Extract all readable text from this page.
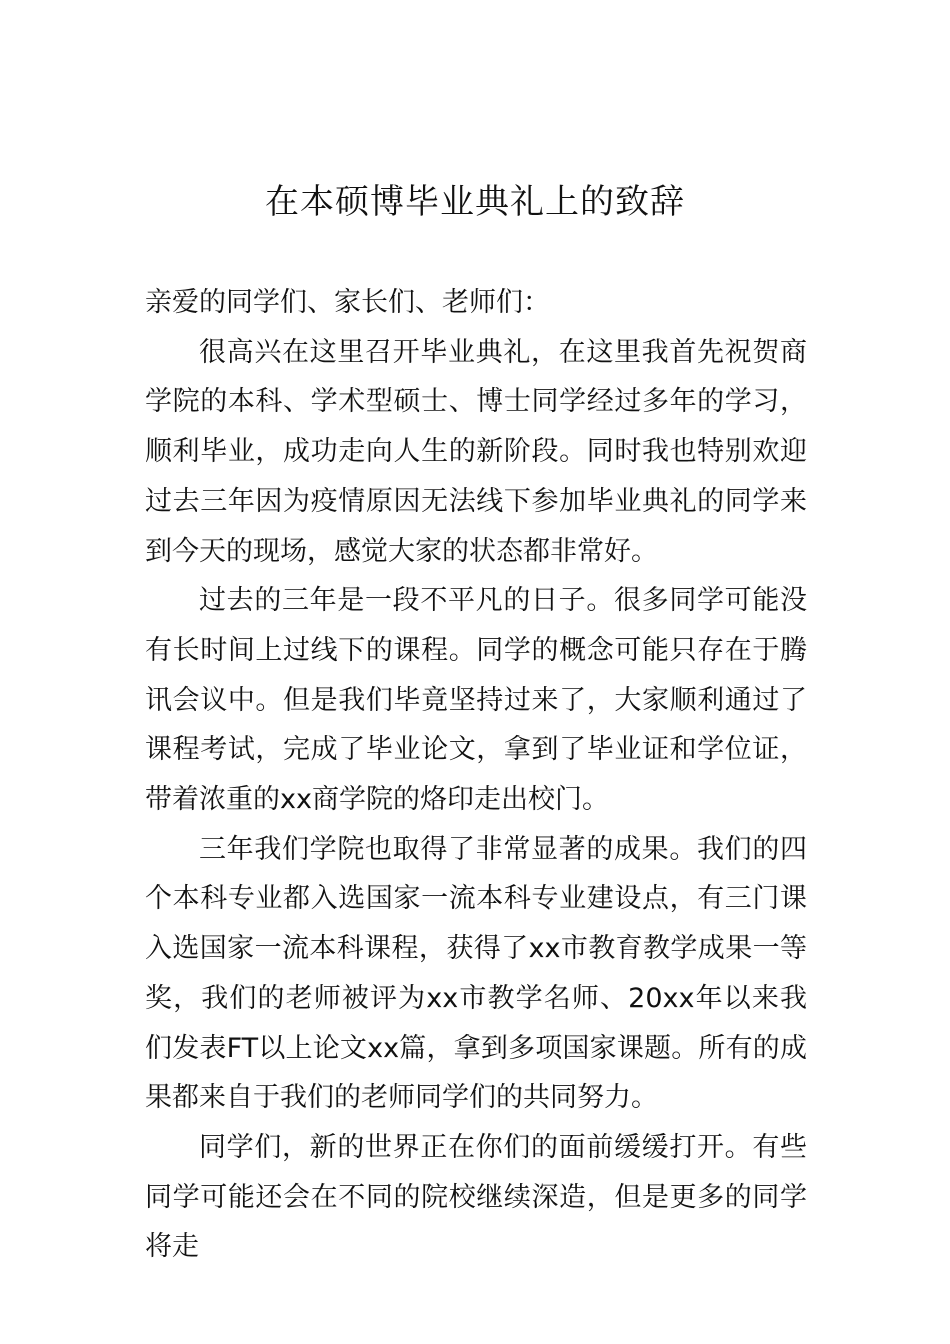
在本硕博毕业典礼上的致辞

亲爱的同学们、家长们、老师们：

很高兴在这里召开毕业典礼，在这里我首先祝贺商学院的本科、学术型硕士、博士同学经过多年的学习，顺利毕业，成功走向人生的新阶段。同时我也特别欢迎过去三年因为疫情原因无法线下参加毕业典礼的同学来到今天的现场，感觉大家的状态都非常好。

过去的三年是一段不平凡的日子。很多同学可能没有长时间上过线下的课程。同学的概念可能只存在于腾讯会议中。但是我们毕竟坚持过来了，大家顺利通过了课程考试，完成了毕业论文，拿到了毕业证和学位证，带着浓重的xx商学院的烙印走出校门。

三年我们学院也取得了非常显著的成果。我们的四个本科专业都入选国家一流本科专业建设点，有三门课入选国家一流本科课程，获得了xx市教育教学成果一等奖，我们的老师被评为xx市教学名师、20xx年以来我们发表FT以上论文xx篇，拿到多项国家课题。所有的成果都来自于我们的老师同学们的共同努力。

同学们，新的世界正在你们的面前缓缓打开。有些同学可能还会在不同的院校继续深造，但是更多的同学将走
